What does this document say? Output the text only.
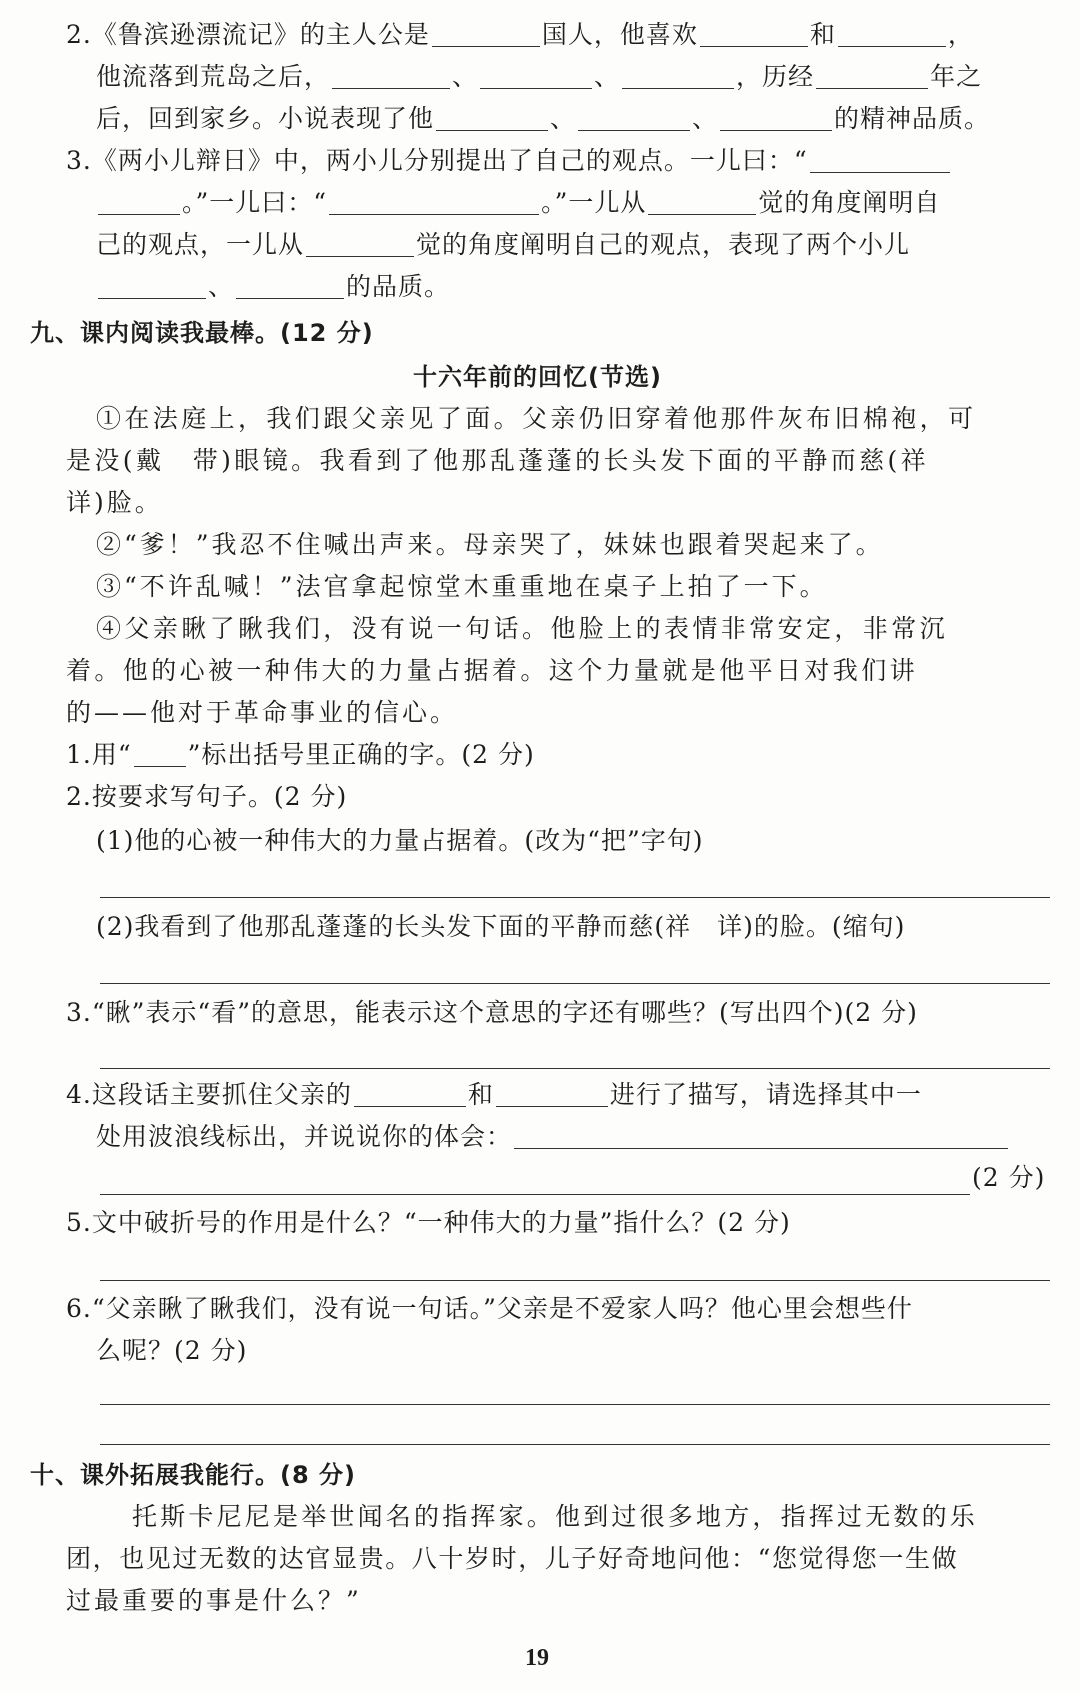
2.《鲁滨逊漂流记》的主人公是	国人，他喜欢	和	，
他流落到荒岛之后，	、	、	，历经	年之
后，回到家乡。小说表现了他	、	、	的精神品质。
3.《两小儿辩日》中，两小儿分别提出了自己的观点。一儿曰：“
。”一儿曰：“	。”一儿从	觉的角度阐明自
己的观点，一儿从	觉的角度阐明自己的观点，表现了两个小儿
、	的品质。
九、课内阅读我最棒。(12 分)
十六年前的回忆(节选)
①在法庭上，我们跟父亲见了面。父亲仍旧穿着他那件灰布旧棉袍，可
是没(戴　带)眼镜。我看到了他那乱蓬蓬的长头发下面的平静而慈(祥
详)脸。
②“爹！”我忍不住喊出声来。母亲哭了，妹妹也跟着哭起来了。
③“不许乱喊！”法官拿起惊堂木重重地在桌子上拍了一下。
④父亲瞅了瞅我们，没有说一句话。他脸上的表情非常安定，非常沉
着。他的心被一种伟大的力量占据着。这个力量就是他平日对我们讲
的——他对于革命事业的信心。
1.用“ ”标出括号里正确的字。(2 分)
2.按要求写句子。(2 分)
(1)他的心被一种伟大的力量占据着。(改为“把”字句)
(2)我看到了他那乱蓬蓬的长头发下面的平静而慈(祥　详)的脸。(缩句)
3.“瞅”表示“看”的意思，能表示这个意思的字还有哪些？(写出四个)(2 分)
4.这段话主要抓住父亲的	和	进行了描写，请选择其中一
处用波浪线标出，并说说你的体会：
(2 分)
5.文中破折号的作用是什么？“一种伟大的力量”指什么？(2 分)
6.“父亲瞅了瞅我们，没有说一句话。”父亲是不爱家人吗？他心里会想些什
么呢？(2 分)
十、课外拓展我能行。(8 分)
托斯卡尼尼是举世闻名的指挥家。他到过很多地方，指挥过无数的乐
团，也见过无数的达官显贵。八十岁时，儿子好奇地问他：“您觉得您一生做
过最重要的事是什么？”
19
